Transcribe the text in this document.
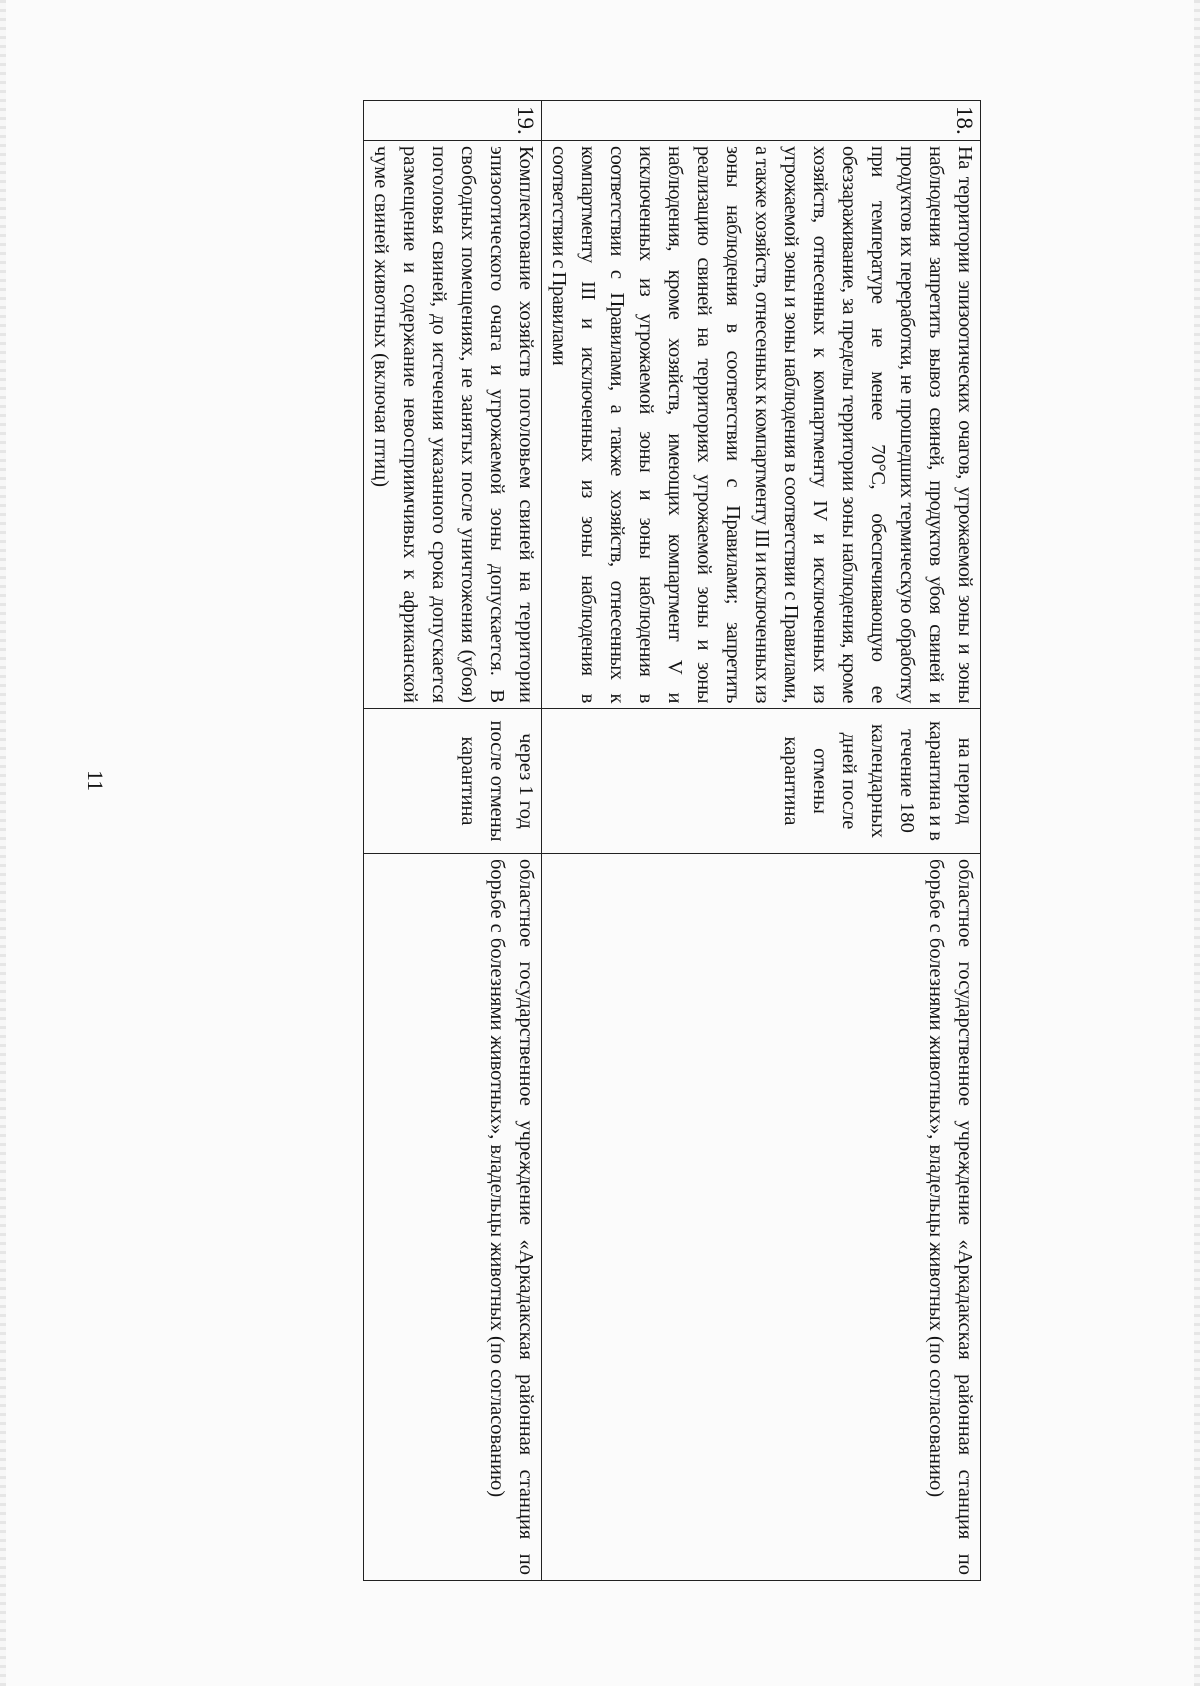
11
18.	На территории эпизоотических очагов, угрожаемой зоны и зоны наблюдения запретить вывоз свиней, продуктов убоя свиней и продуктов их переработки, не прошедших термическую обработку при температуре не менее 70°С, обеспечивающую ее обеззараживание, за пределы территории зоны наблюдения, кроме хозяйств, отнесенных к компартменту IV и исключенных из угрожаемой зоны и зоны наблюдения в соответствии с Правилами, а также хозяйств, отнесенных к компартменту III и исключенных из зоны наблюдения в соответствии с Правилами; запретить реализацию свиней на территориях угрожаемой зоны и зоны наблюдения, кроме хозяйств, имеющих компартмент V и исключенных из угрожаемой зоны и зоны наблюдения в соответствии с Правилами, а также хозяйств, отнесенных к компартменту III и исключенных из зоны наблюдения в соответствии с Правилами	на период карантина и в течение 180 календарных дней после отмены карантина	областное государственное учреждение «Аркадакская районная станция по борьбе с болезнями животных», владельцы животных (по согласованию)
19.	Комплектование хозяйств поголовьем свиней на территории эпизоотического очага и угрожаемой зоны допускается. В свободных помещениях, не занятых после уничтожения (убоя) поголовья свиней, до истечения указанного срока допускается размещение и содержание невосприимчивых к африканской чуме свиней животных (включая птиц)	через 1 год после отмены карантина	областное государственное учреждение «Аркадакская районная станция по борьбе с болезнями животных», владельцы животных (по согласованию)
